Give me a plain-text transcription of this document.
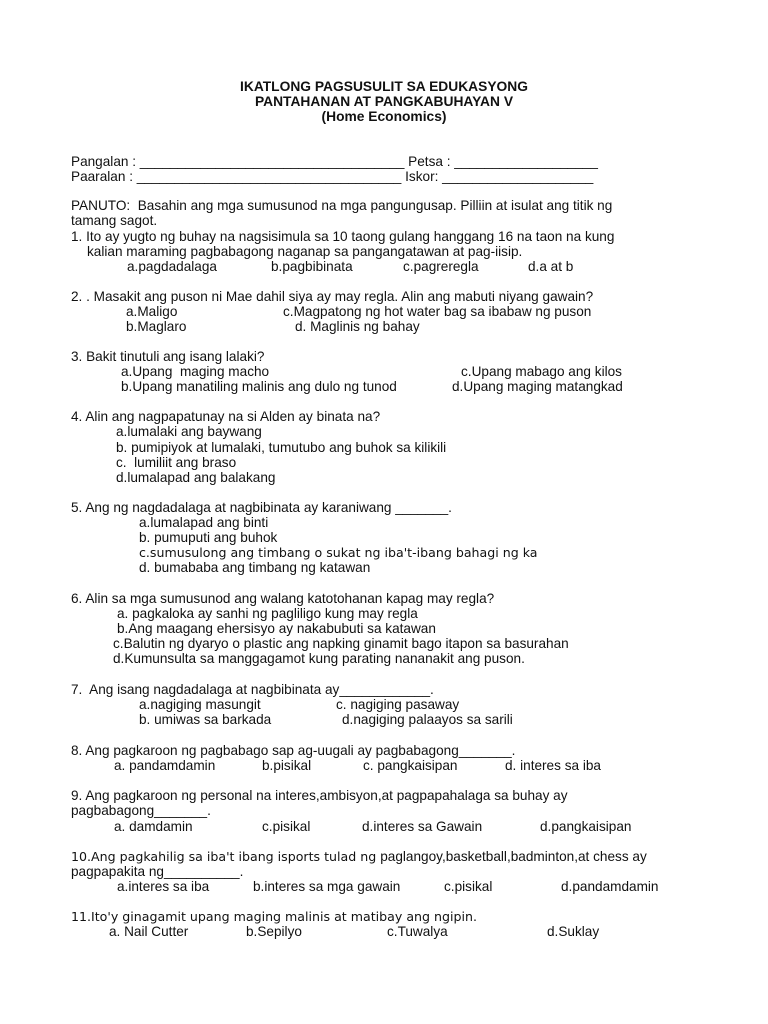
IKATLONG PAGSUSULIT SA EDUKASYONG
PANTAHANAN AT PANGKABUHAYAN V
(Home Economics)
Pangalan : ___________________________________ Petsa : ___________________
Paaralan : ___________________________________ Iskor: ____________________
PANUTO:  Basahin ang mga sumusunod na mga pangungusap. Pilliin at isulat ang titik ng
tamang sagot.
1. Ito ay yugto ng buhay na nagsisimula sa 10 taong gulang hanggang 16 na taon na kung
kalian maraming pagbabagong naganap sa pangangatawan at pag-iisip.
a.pagdadalaga	b.pagbibinata	c.pagreregla	d.a at b
2. . Masakit ang puson ni Mae dahil siya ay may regla. Alin ang mabuti niyang gawain?
a.Maligo	c.Magpatong ng hot water bag sa ibabaw ng puson
b.Maglaro	d. Maglinis ng bahay
3. Bakit tinutuli ang isang lalaki?
a.Upang  maging macho	c.Upang mabago ang kilos
b.Upang manatiling malinis ang dulo ng tunod	d.Upang maging matangkad
4. Alin ang nagpapatunay na si Alden ay binata na?
a.lumalaki ang baywang
b. pumipiyok at lumalaki, tumutubo ang buhok sa kilikili
c.  lumiliit ang braso
d.lumalapad ang balakang
5. Ang ng nagdadalaga at nagbibinata ay karaniwang _______.
a.lumalapad ang binti
b. pumuputi ang buhok
c.sumusulong ang timbang o sukat ng iba't-ibang bahagi ng ka
d. bumababa ang timbang ng katawan
6. Alin sa mga sumusunod ang walang katotohanan kapag may regla?
a. pagkaloka ay sanhi ng pagliligo kung may regla
b.Ang maagang ehersisyo ay nakabubuti sa katawan
c.Balutin ng dyaryo o plastic ang napking ginamit bago itapon sa basurahan
d.Kumunsulta sa manggagamot kung parating nananakit ang puson.
7.  Ang isang nagdadalaga at nagbibinata ay____________.
a.nagiging masungit	c. nagiging pasaway
b. umiwas sa barkada	d.nagiging palaayos sa sarili
8. Ang pagkaroon ng pagbabago sap ag-uugali ay pagbabagong_______.
a. pandamdamin	b.pisikal	c. pangkaisipan	d. interes sa iba
9. Ang pagkaroon ng personal na interes,ambisyon,at pagpapahalaga sa buhay ay
pagbabagong_______.
a. damdamin	c.pisikal	d.interes sa Gawain	d.pangkaisipan
10.Ang pagkahilig sa iba't ibang isports tulad ng paglangoy,basketball,badminton,at chess ay
pagpapakita ng__________.
a.interes sa iba	b.interes sa mga gawain	c.pisikal	d.pandamdamin
11.Ito'y ginagamit upang maging malinis at matibay ang ngipin.
a. Nail Cutter	b.Sepilyo	c.Tuwalya	d.Suklay
